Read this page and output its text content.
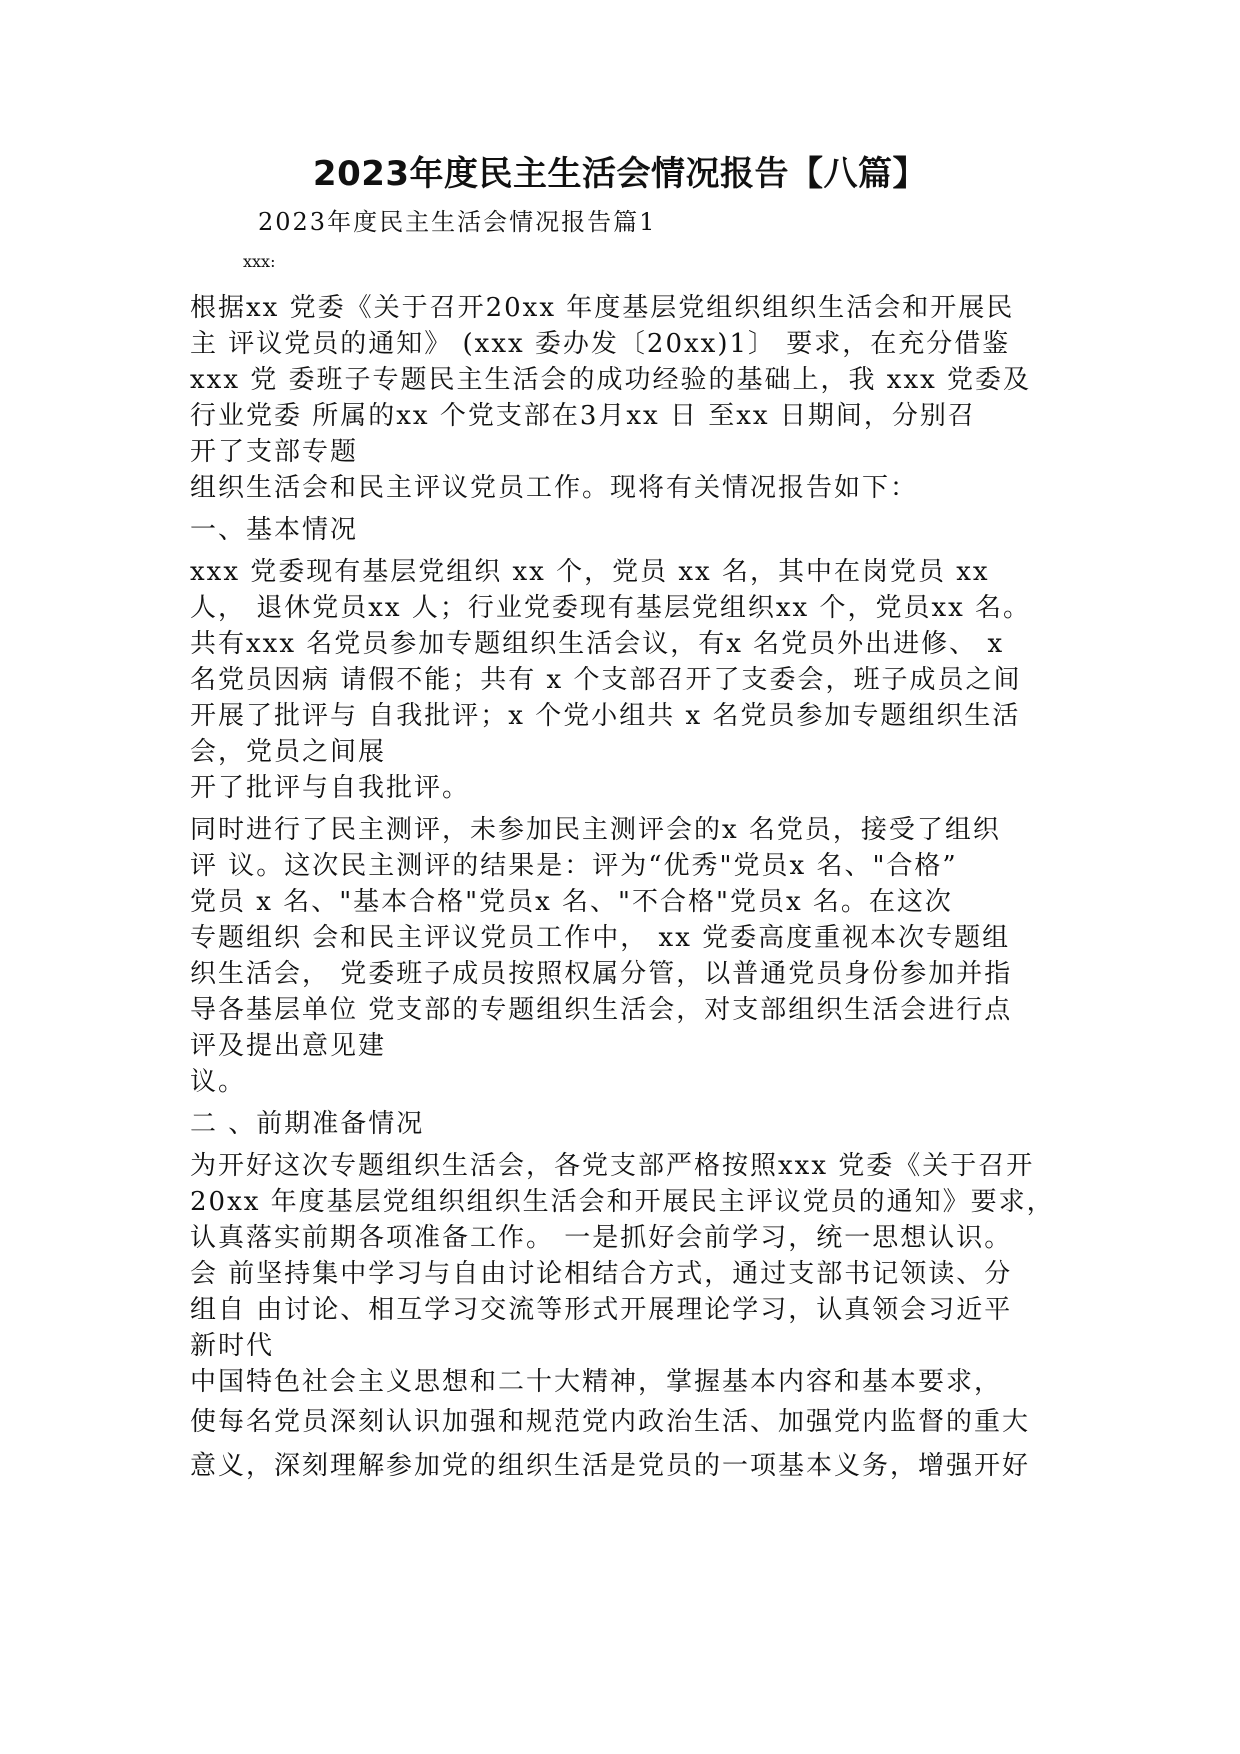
2023年度民主生活会情况报告【八篇】
2023年度民主生活会情况报告篇1
xxx:
根据xx 党委《关于召开20xx 年度基层党组织组织生活会和开展民
主 评议党员的通知》 (xxx 委办发〔20xx)1〕 要求，在充分借鉴
xxx 党 委班子专题民主生活会的成功经验的基础上，我 xxx 党委及
行业党委 所属的xx 个党支部在3月xx 日 至xx 日期间，分别召
开了支部专题
组织生活会和民主评议党员工作。现将有关情况报告如下：
一、基本情况
xxx 党委现有基层党组织 xx 个，党员 xx 名，其中在岗党员 xx
人， 退休党员xx 人；行业党委现有基层党组织xx 个，党员xx 名。
共有xxx 名党员参加专题组织生活会议，有x 名党员外出进修、 x
名党员因病 请假不能；共有 x 个支部召开了支委会，班子成员之间
开展了批评与 自我批评；x 个党小组共 x 名党员参加专题组织生活
会，党员之间展
开了批评与自我批评。
同时进行了民主测评，未参加民主测评会的x 名党员，接受了组织
评 议。这次民主测评的结果是：评为“优秀"党员x 名、"合格”
党员 x 名、"基本合格"党员x 名、"不合格"党员x 名。在这次
专题组织 会和民主评议党员工作中， xx 党委高度重视本次专题组
织生活会， 党委班子成员按照权属分管，以普通党员身份参加并指
导各基层单位 党支部的专题组织生活会，对支部组织生活会进行点
评及提出意见建
议。
二 、前期准备情况
为开好这次专题组织生活会，各党支部严格按照xxx 党委《关于召开
20xx 年度基层党组织组织生活会和开展民主评议党员的通知》要求，
认真落实前期各项准备工作。 一是抓好会前学习，统一思想认识。
会 前坚持集中学习与自由讨论相结合方式，通过支部书记领读、分
组自 由讨论、相互学习交流等形式开展理论学习，认真领会习近平
新时代
中国特色社会主义思想和二十大精神，掌握基本内容和基本要求，
使每名党员深刻认识加强和规范党内政治生活、加强党内监督的重大
意义，深刻理解参加党的组织生活是党员的一项基本义务，增强开好
